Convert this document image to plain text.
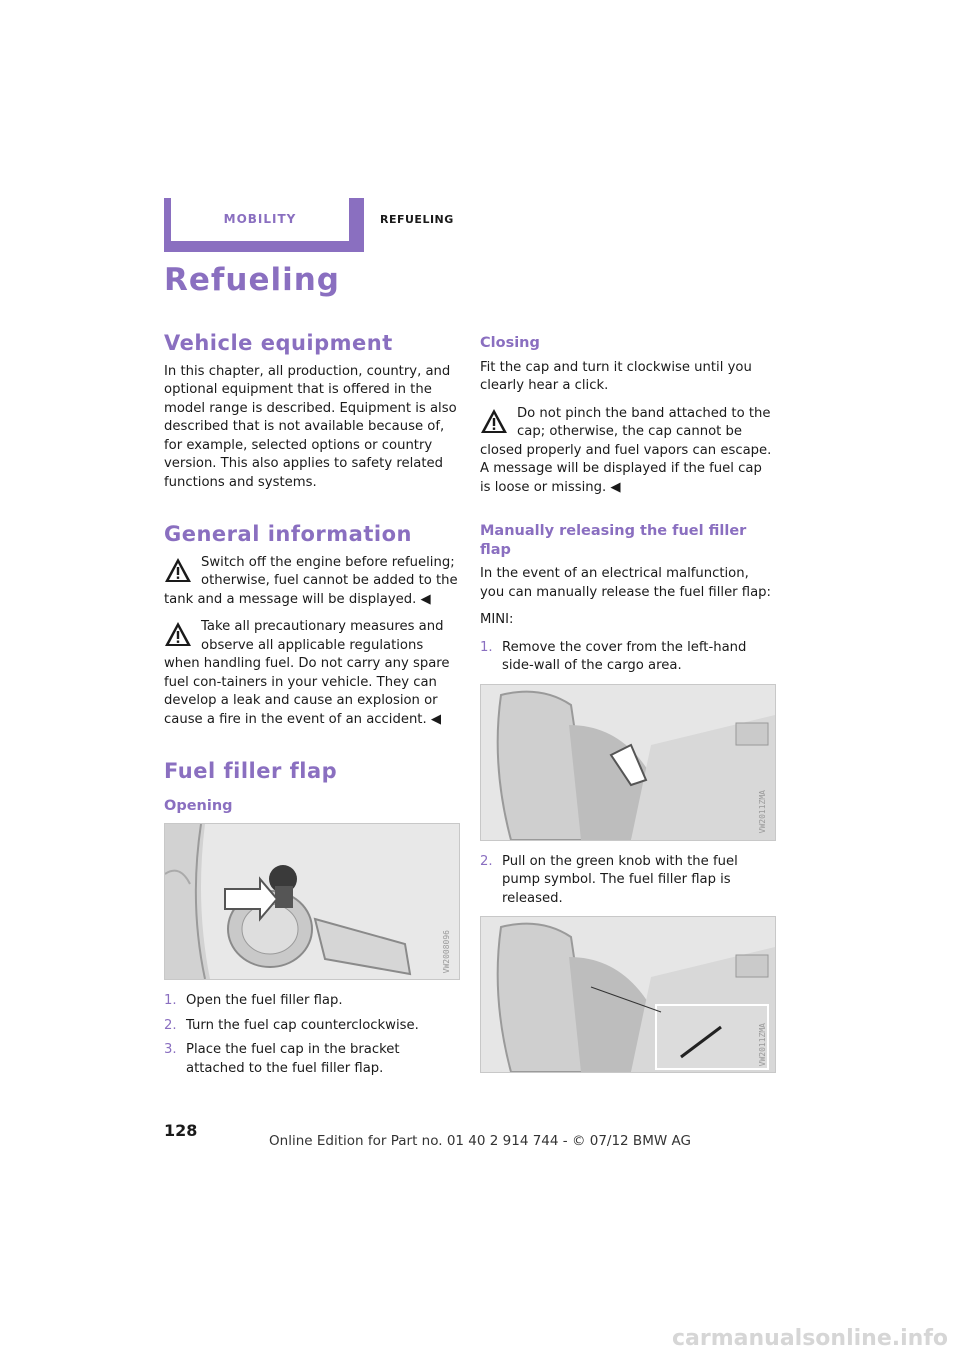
MOBILITY	REFUELING
Refueling
Vehicle equipment

In this chapter, all production, country, and optional equipment that is offered in the model range is described. Equipment is also described that is not available because of, for example, selected options or country version. This also applies to safety related functions and systems.

General information
Switch off the engine before refueling; otherwise, fuel cannot be added to the tank and a message will be displayed. ◀
Take all precautionary measures and observe all applicable regulations when handling fuel. Do not carry any spare fuel con-tainers in your vehicle. They can develop a leak and cause an explosion or cause a fire in the event of an accident. ◀
Fuel filler flap
Opening
VW2008096
1. Open the fuel filler flap.
2. Turn the fuel cap counterclockwise.
3. Place the fuel cap in the bracket attached to the fuel filler flap.
Closing

Fit the cap and turn it clockwise until you clearly hear a click.

Do not pinch the band attached to the cap; otherwise, the cap cannot be closed properly and fuel vapors can escape. A message will be displayed if the fuel cap is loose or missing. ◀
Manually releasing the fuel filler flap

In the event of an electrical malfunction, you can manually release the fuel filler flap:

MINI:

1. Remove the cover from the left-hand side-wall of the cargo area.
VW2011ZMA
2. Pull on the green knob with the fuel pump symbol. The fuel filler flap is released.
VW2011ZMA
128
Online Edition for Part no. 01 40 2 914 744 - © 07/12 BMW AG
carmanualsonline.info
